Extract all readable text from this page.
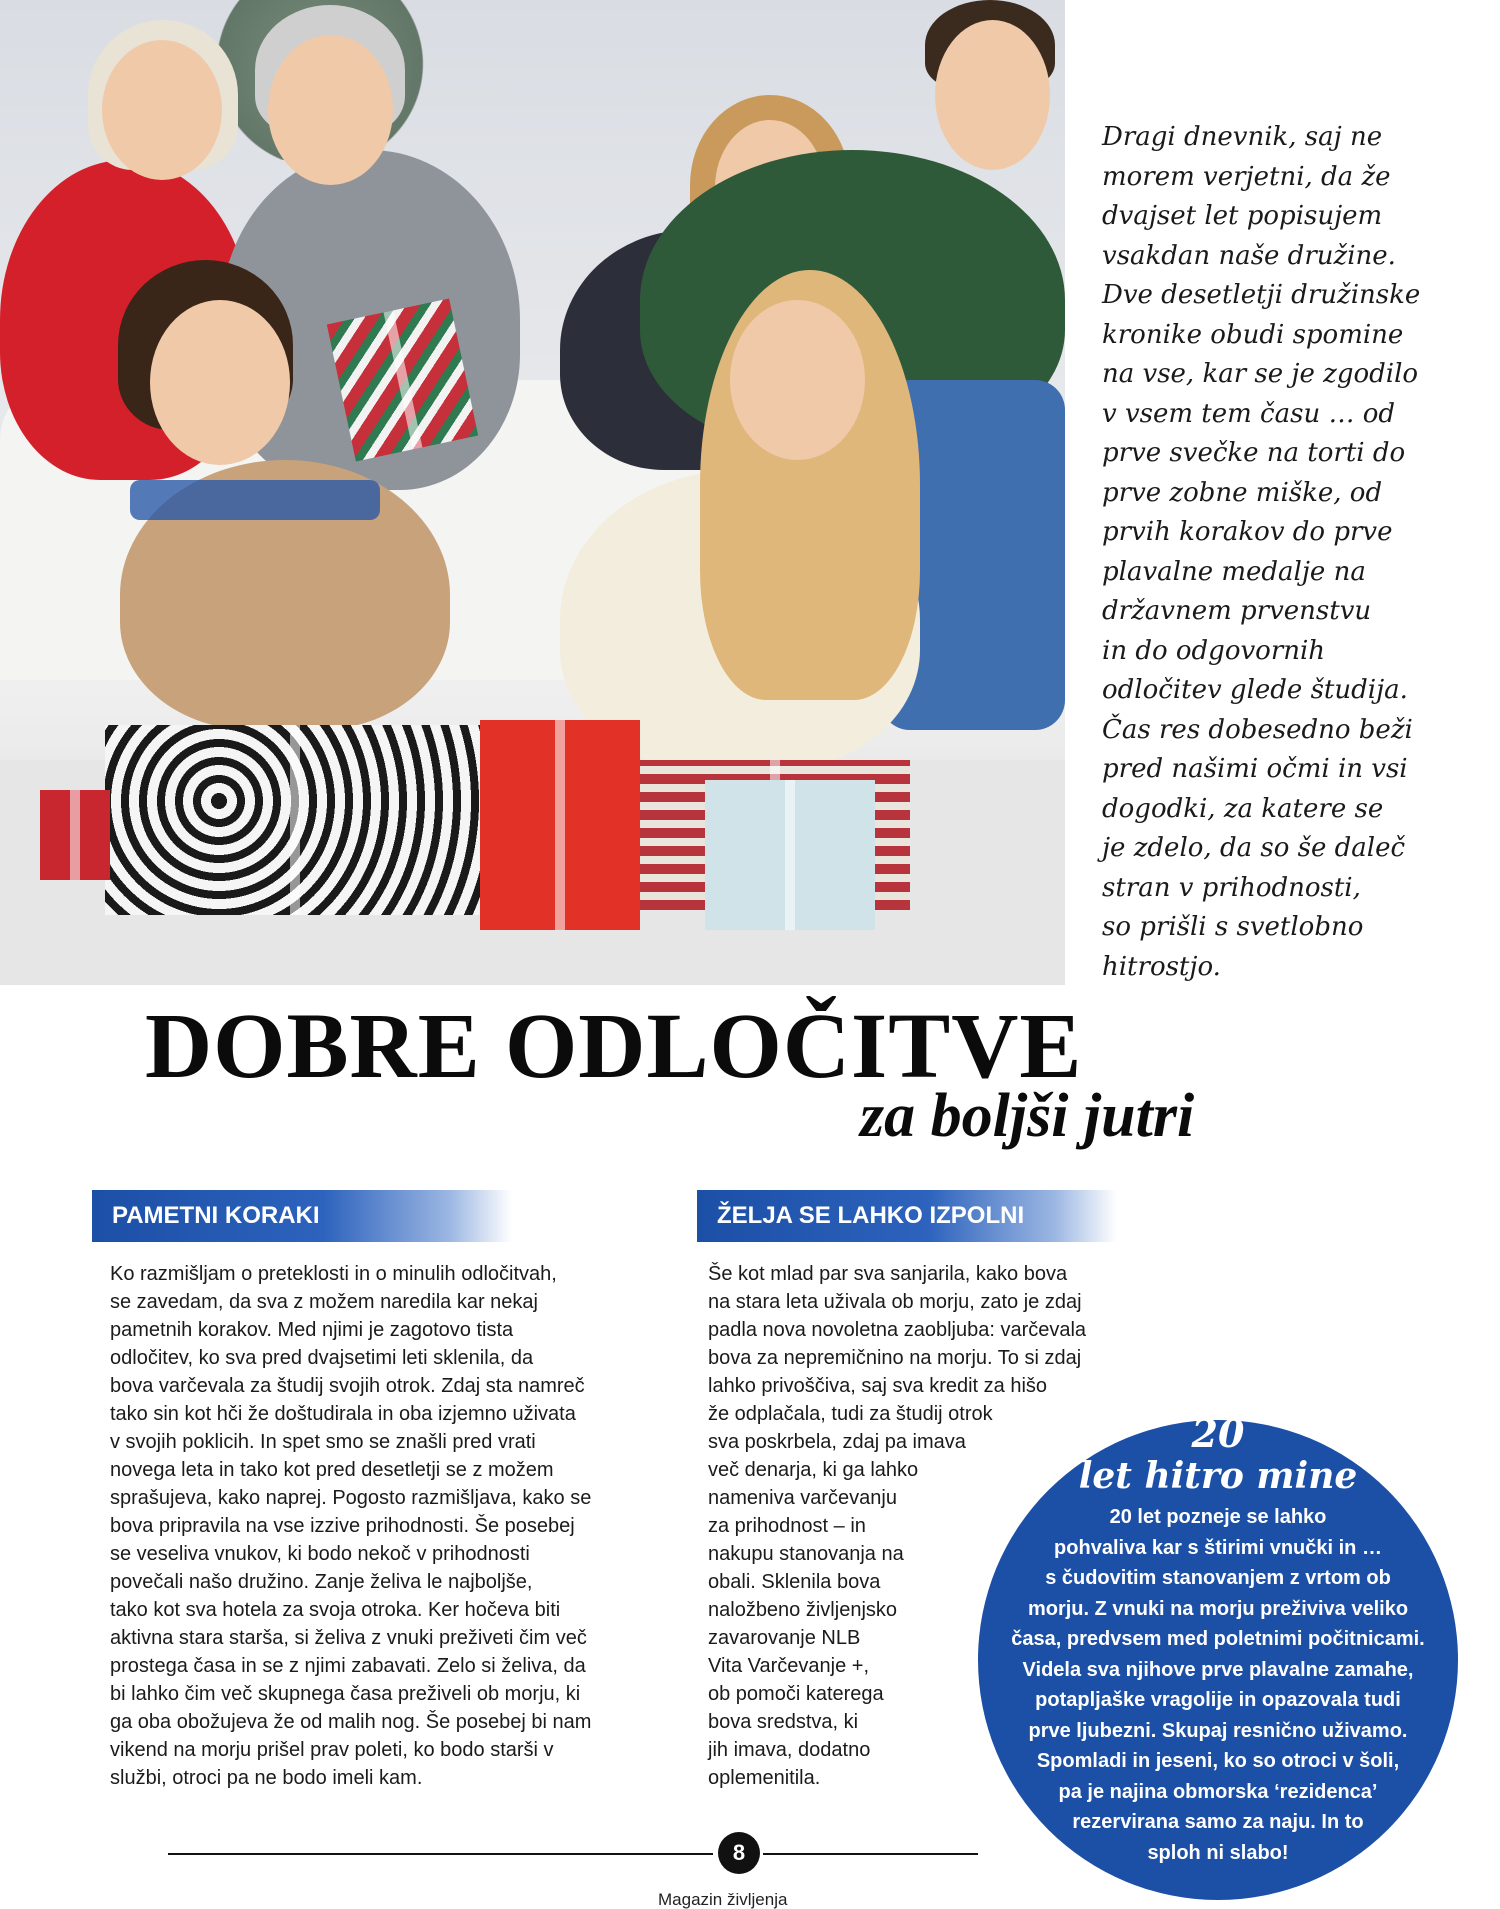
Dragi dnevnik, saj ne
morem verjetni, da že
dvajset let popisujem
vsakdan naše družine.
Dve desetletji družinske
kronike obudi spomine
na vse, kar se je zgodilo
v vsem tem času … od
prve svečke na torti do
prve zobne miške, od
prvih korakov do prve
plavalne medalje na
državnem prvenstvu
in do odgovornih
odločitev glede študija.
Čas res dobesedno beži
pred našimi očmi in vsi
dogodki, za katere se
je zdelo, da so še daleč
stran v prihodnosti,
so prišli s svetlobno
hitrostjo.

DOBRE ODLOČITVE
za boljši jutri
PAMETNI KORAKI

Ko razmišljam o preteklosti in o minulih odločitvah,
se zavedam, da sva z možem naredila kar nekaj
pametnih korakov. Med njimi je zagotovo tista
odločitev, ko sva pred dvajsetimi leti sklenila, da
bova varčevala za študij svojih otrok. Zdaj sta namreč
tako sin kot hči že doštudirala in oba izjemno uživata
v svojih poklicih. In spet smo se znašli pred vrati
novega leta in tako kot pred desetletji se z možem
sprašujeva, kako naprej. Pogosto razmišljava, kako se
bova pripravila na vse izzive prihodnosti. Še posebej
se veseliva vnukov, ki bodo nekoč v prihodnosti
povečali našo družino. Zanje želiva le najboljše,
tako kot sva hotela za svoja otroka. Ker hočeva biti
aktivna stara starša, si želiva z vnuki preživeti čim več
prostega časa in se z njimi zabavati. Zelo si želiva, da
bi lahko čim več skupnega časa preživeli ob morju, ki
ga oba obožujeva že od malih nog. Še posebej bi nam
vikend na morju prišel prav poleti, ko bodo starši v
službi, otroci pa ne bodo imeli kam.

ŽELJA SE LAHKO IZPOLNI

Še kot mlad par sva sanjarila, kako bova
na stara leta uživala ob morju, zato je zdaj
padla nova novoletna zaobljuba: varčevala
bova za nepremičnino na morju. To si zdaj
lahko privoščiva, saj sva kredit za hišo
že odplačala, tudi za študij otrok
sva poskrbela, zdaj pa imava
več denarja, ki ga lahko
nameniva varčevanju
za prihodnost – in
nakupu stanovanja na
obali. Sklenila bova
naložbeno življenjsko
zavarovanje NLB
Vita Varčevanje +,
ob pomoči katerega
bova sredstva, ki
jih imava, dodatno
oplemenitila.

20

let hitro mine

20 let pozneje se lahko
pohvaliva kar s štirimi vnučki in …
s čudovitim stanovanjem z vrtom ob
morju. Z vnuki na morju preživiva veliko
časa, predvsem med poletnimi počitnicami.
Videla sva njihove prve plavalne zamahe,
potapljaške vragolije in opazovala tudi
prve ljubezni. Skupaj resnično uživamo.
Spomladi in jeseni, ko so otroci v šoli,
pa je najina obmorska ‘rezidenca’
rezervirana samo za naju. In to
sploh ni slabo!

8
Magazin življenja
